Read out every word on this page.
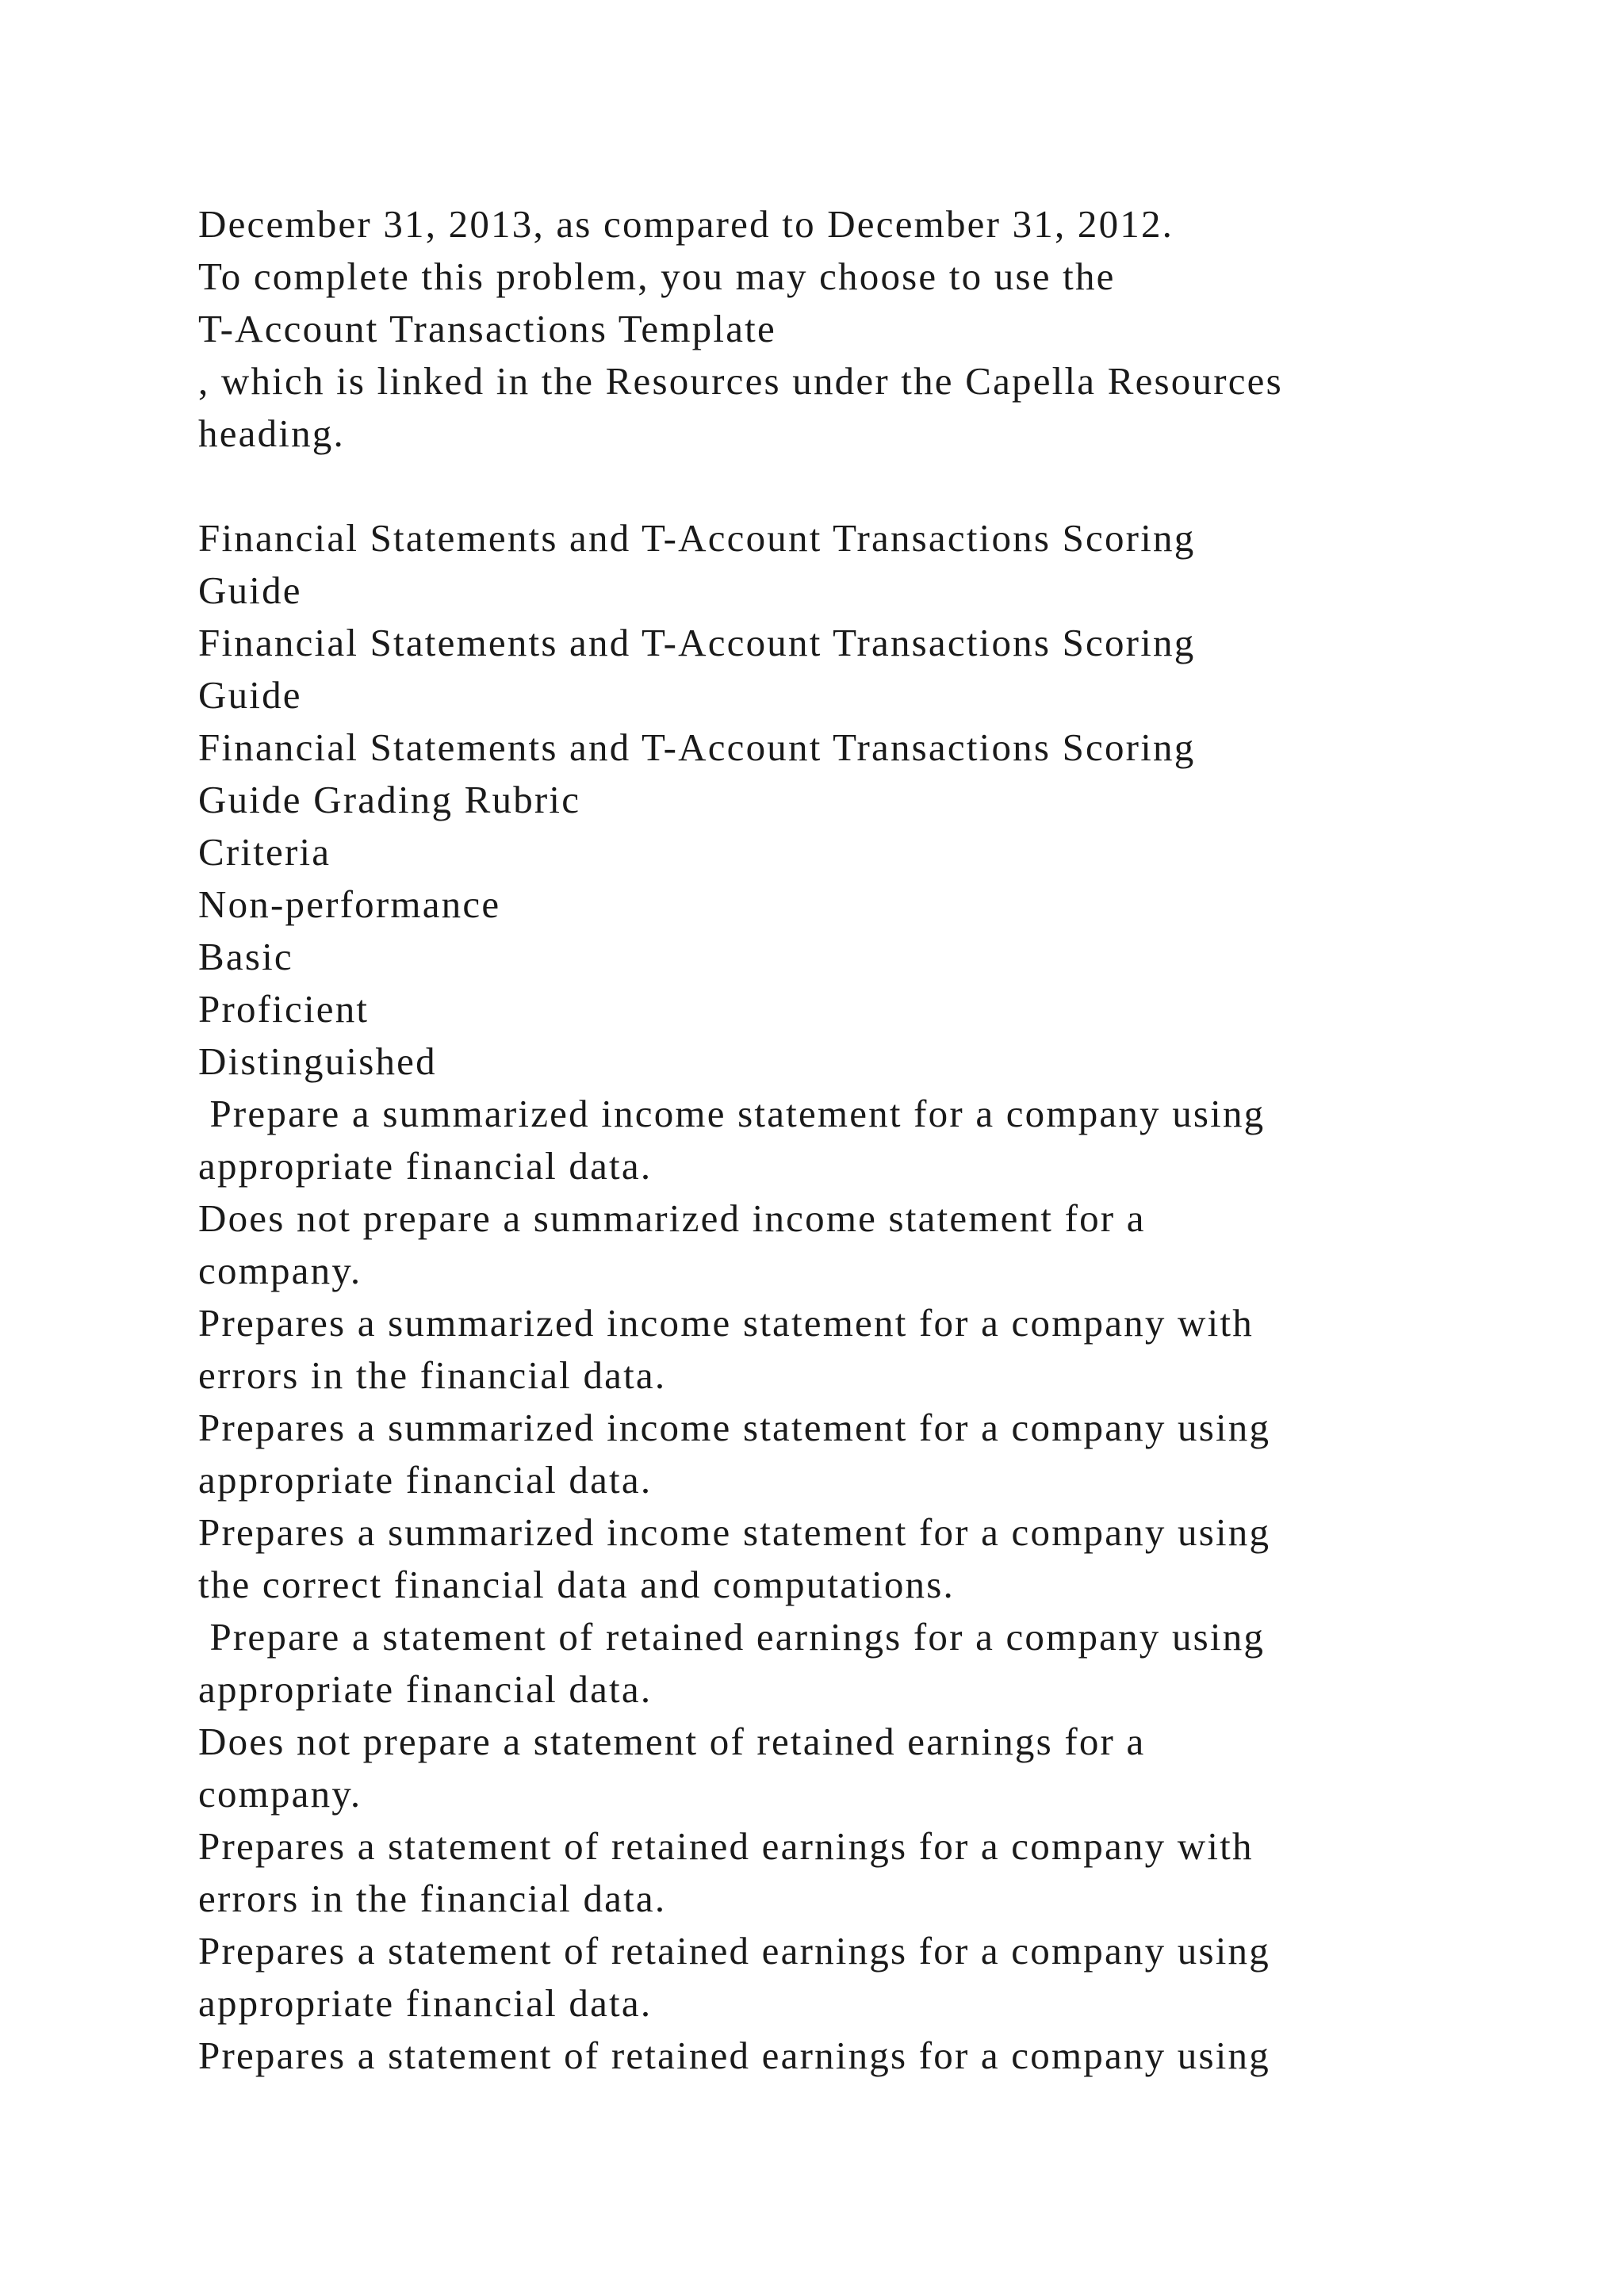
December 31, 2013, as compared to December 31, 2012.
To complete this problem, you may choose to use the
T-Account Transactions Template
, which is linked in the Resources under the Capella Resources
heading.
Financial Statements and T-Account Transactions Scoring
Guide
Financial Statements and T-Account Transactions Scoring
Guide
Financial Statements and T-Account Transactions Scoring
Guide Grading Rubric
Criteria
Non-performance
Basic
Proficient
Distinguished
Prepare a summarized income statement for a company using
appropriate financial data.
Does not prepare a summarized income statement for a
company.
Prepares a summarized income statement for a company with
errors in the financial data.
Prepares a summarized income statement for a company using
appropriate financial data.
Prepares a summarized income statement for a company using
the correct financial data and computations.
Prepare a statement of retained earnings for a company using
appropriate financial data.
Does not prepare a statement of retained earnings for a
company.
Prepares a statement of retained earnings for a company with
errors in the financial data.
Prepares a statement of retained earnings for a company using
appropriate financial data.
Prepares a statement of retained earnings for a company using
